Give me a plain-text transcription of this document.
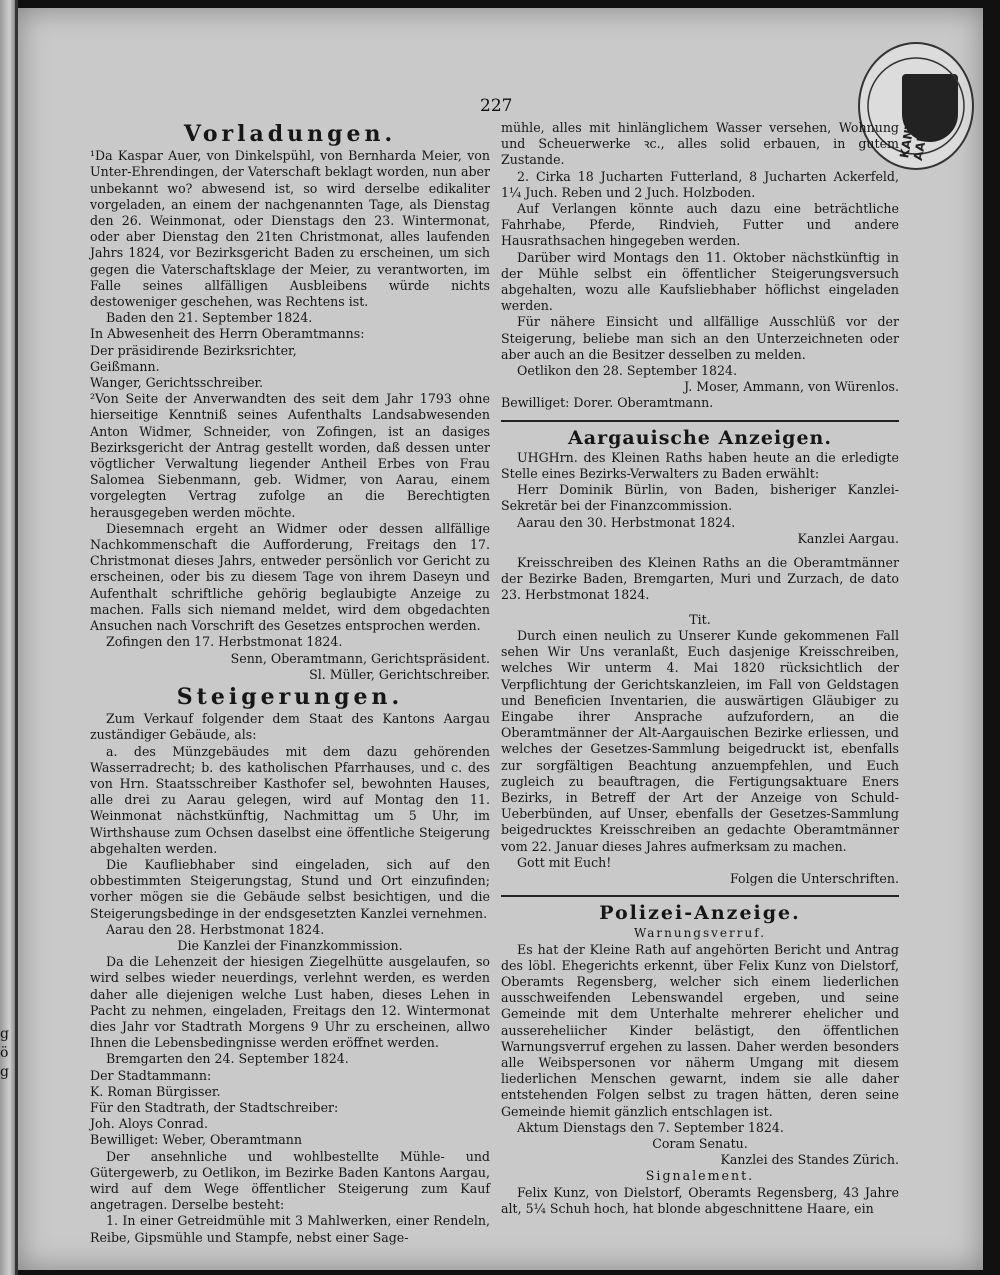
g
ö
g
227	KANTON AARGAU
Vorladungen.

¹Da Kaspar Auer, von Dinkelspühl, von Bernharda Meier, von Unter-Ehrendingen, der Vaterschaft beklagt worden, nun aber unbekannt wo? abwesend ist, so wird derselbe edikaliter vorgeladen, an einem der nachgenannten Tage, als Dienstag den 26. Weinmonat, oder Dienstags den 23. Wintermonat, oder aber Dienstag den 21ten Christmonat, alles laufenden Jahrs 1824, vor Bezirksgericht Baden zu erscheinen, um sich gegen die Vaterschaftsklage der Meier, zu verantworten, im Falle seines allfälligen Ausbleibens würde nichts destoweniger geschehen, was Rechtens ist.

Baden den 21. September 1824.

In Abwesenheit des Herrn Oberamtmanns:

Der präsidirende Bezirksrichter,

Geißmann.

Wanger, Gerichtsschreiber.

²Von Seite der Anverwandten des seit dem Jahr 1793 ohne hierseitige Kenntniß seines Aufenthalts Landsabwesenden Anton Widmer, Schneider, von Zofingen, ist an dasiges Bezirksgericht der Antrag gestellt worden, daß dessen unter vögtlicher Verwaltung liegender Antheil Erbes von Frau Salomea Siebenmann, geb. Widmer, von Aarau, einem vorgelegten Vertrag zufolge an die Berechtigten herausgegeben werden möchte.

Diesemnach ergeht an Widmer oder dessen allfällige Nachkommenschaft die Aufforderung, Freitags den 17. Christmonat dieses Jahrs, entweder persönlich vor Gericht zu erscheinen, oder bis zu diesem Tage von ihrem Daseyn und Aufenthalt schriftliche gehörig beglaubigte Anzeige zu machen. Falls sich niemand meldet, wird dem obgedachten Ansuchen nach Vorschrift des Gesetzes entsprochen werden.

Zofingen den 17. Herbstmonat 1824.

Senn, Oberamtmann, Gerichtspräsident.

Sl. Müller, Gerichtschreiber.

Steigerungen.

Zum Verkauf folgender dem Staat des Kantons Aargau zuständiger Gebäude, als:

a. des Münzgebäudes mit dem dazu gehörenden Wasserradrecht; b. des katholischen Pfarrhauses, und c. des von Hrn. Staatsschreiber Kasthofer sel, bewohnten Hauses, alle drei zu Aarau gelegen, wird auf Montag den 11. Weinmonat nächstkünftig, Nachmittag um 5 Uhr, im Wirthshause zum Ochsen daselbst eine öffentliche Steigerung abgehalten werden.

Die Kaufliebhaber sind eingeladen, sich auf den obbestimmten Steigerungstag, Stund und Ort einzufinden; vorher mögen sie die Gebäude selbst besichtigen, und die Steigerungsbedinge in der endsgesetzten Kanzlei vernehmen.

Aarau den 28. Herbstmonat 1824.

Die Kanzlei der Finanzkommission.

Da die Lehenzeit der hiesigen Ziegelhütte ausgelaufen, so wird selbes wieder neuerdings, verlehnt werden, es werden daher alle diejenigen welche Lust haben, dieses Lehen in Pacht zu nehmen, eingeladen, Freitags den 12. Wintermonat dies Jahr vor Stadtrath Morgens 9 Uhr zu erscheinen, allwo Ihnen die Lebensbedingnisse werden eröffnet werden.

Bremgarten den 24. September 1824.

Der Stadtammann:

K. Roman Bürgisser.

Für den Stadtrath, der Stadtschreiber:

Joh. Aloys Conrad.

Bewilliget: Weber, Oberamtmann

Der ansehnliche und wohlbestellte Mühle- und Gütergewerb, zu Oetlikon, im Bezirke Baden Kantons Aargau, wird auf dem Wege öffentlicher Steigerung zum Kauf angetragen. Derselbe besteht:

1. In einer Getreidmühle mit 3 Mahlwerken, einer Rendeln, Reibe, Gipsmühle und Stampfe, nebst einer Sage-

mühle, alles mit hinlänglichem Wasser versehen, Wohnung und Scheuerwerke ꝛc., alles solid erbauen, in gutem Zustande.

2. Cirka 18 Jucharten Futterland, 8 Jucharten Ackerfeld, 1¼ Juch. Reben und 2 Juch. Holzboden.

Auf Verlangen könnte auch dazu eine beträchtliche Fahrhabe, Pferde, Rindvieh, Futter und andere Hausrathsachen hingegeben werden.

Darüber wird Montags den 11. Oktober nächstkünftig in der Mühle selbst ein öffentlicher Steigerungsversuch abgehalten, wozu alle Kaufsliebhaber höflichst eingeladen werden.

Für nähere Einsicht und allfällige Ausschlüß vor der Steigerung, beliebe man sich an den Unterzeichneten oder aber auch an die Besitzer desselben zu melden.

Oetlikon den 28. September 1824.

J. Moser, Ammann, von Würenlos.

Bewilliget: Dorer. Oberamtmann.

Aargauische Anzeigen.

UHGHrn. des Kleinen Raths haben heute an die erledigte Stelle eines Bezirks-Verwalters zu Baden erwählt:

Herr Dominik Bürlin, von Baden, bisheriger Kanzlei-Sekretär bei der Finanzcommission.

Aarau den 30. Herbstmonat 1824.

Kanzlei Aargau.

Kreisschreiben des Kleinen Raths an die Oberamtmänner der Bezirke Baden, Bremgarten, Muri und Zurzach, de dato 23. Herbstmonat 1824.

Tit.

Durch einen neulich zu Unserer Kunde gekommenen Fall sehen Wir Uns veranlaßt, Euch dasjenige Kreisschreiben, welches Wir unterm 4. Mai 1820 rücksichtlich der Verpflichtung der Gerichtskanzleien, im Fall von Geldstagen und Beneficien Inventarien, die auswärtigen Gläubiger zu Eingabe ihrer Ansprache aufzufordern, an die Oberamtmänner der Alt-Aargauischen Bezirke erliessen, und welches der Gesetzes-Sammlung beigedruckt ist, ebenfalls zur sorgfältigen Beachtung anzuempfehlen, und Euch zugleich zu beauftragen, die Fertigungsaktuare Eners Bezirks, in Betreff der Art der Anzeige von Schuld-Ueberbünden, auf Unser, ebenfalls der Gesetzes-Sammlung beigedrucktes Kreisschreiben an gedachte Oberamtmänner vom 22. Januar dieses Jahres aufmerksam zu machen.

Gott mit Euch!

Folgen die Unterschriften.

Polizei-Anzeige.

Warnungsverruf.

Es hat der Kleine Rath auf angehörten Bericht und Antrag des löbl. Ehegerichts erkennt, über Felix Kunz von Dielstorf, Oberamts Regensberg, welcher sich einem liederlichen ausschweifenden Lebenswandel ergeben, und seine Gemeinde mit dem Unterhalte mehrerer ehelicher und aussereheliicher Kinder belästigt, den öffentlichen Warnungsverruf ergehen zu lassen. Daher werden besonders alle Weibspersonen vor näherm Umgang mit diesem liederlichen Menschen gewarnt, indem sie alle daher entstehenden Folgen selbst zu tragen hätten, deren seine Gemeinde hiemit gänzlich entschlagen ist.

Aktum Dienstags den 7. September 1824.

Coram Senatu.

Kanzlei des Standes Zürich.

Signalement.

Felix Kunz, von Dielstorf, Oberamts Regensberg, 43 Jahre alt, 5¼ Schuh hoch, hat blonde abgeschnittene Haare, ein
